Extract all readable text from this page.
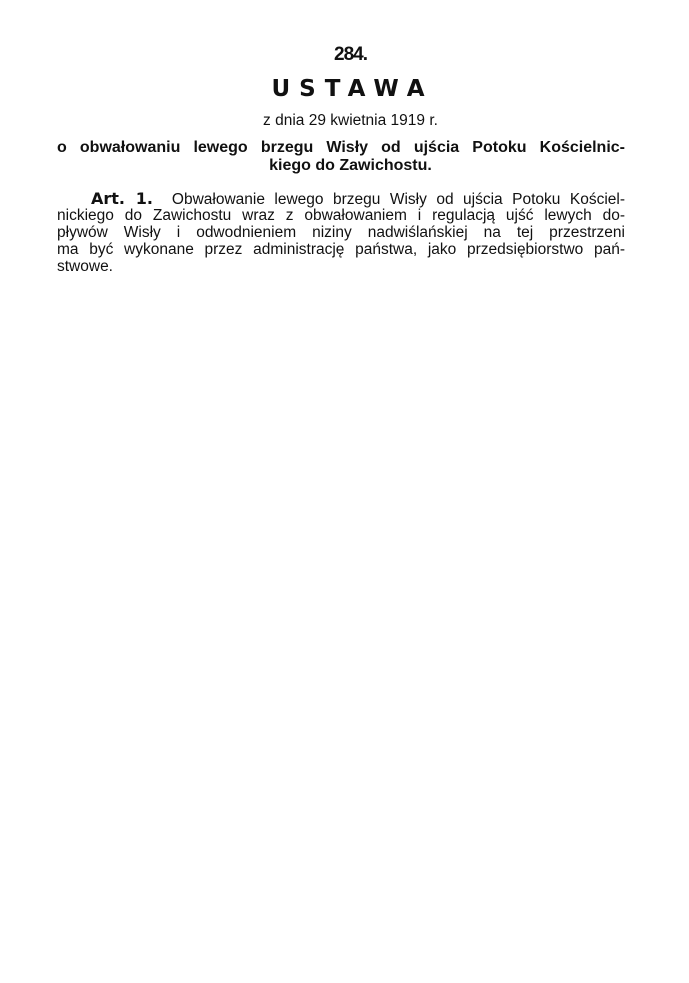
284.
USTAWA
z dnia 29 kwietnia 1919 r.
o obwałowaniu lewego brzegu Wisły od ujścia Potoku Kościelnic-
kiego do Zawichostu.
Art. 1. Obwałowanie lewego brzegu Wisły od ujścia Potoku Kościel-
nickiego do Zawichostu wraz z obwałowaniem i regulacją ujść lewych do-
pływów Wisły i odwodnieniem niziny nadwiślańskiej na tej przestrzeni
ma być wykonane przez administrację państwa, jako przedsiębiorstwo pań-
stwowe.
